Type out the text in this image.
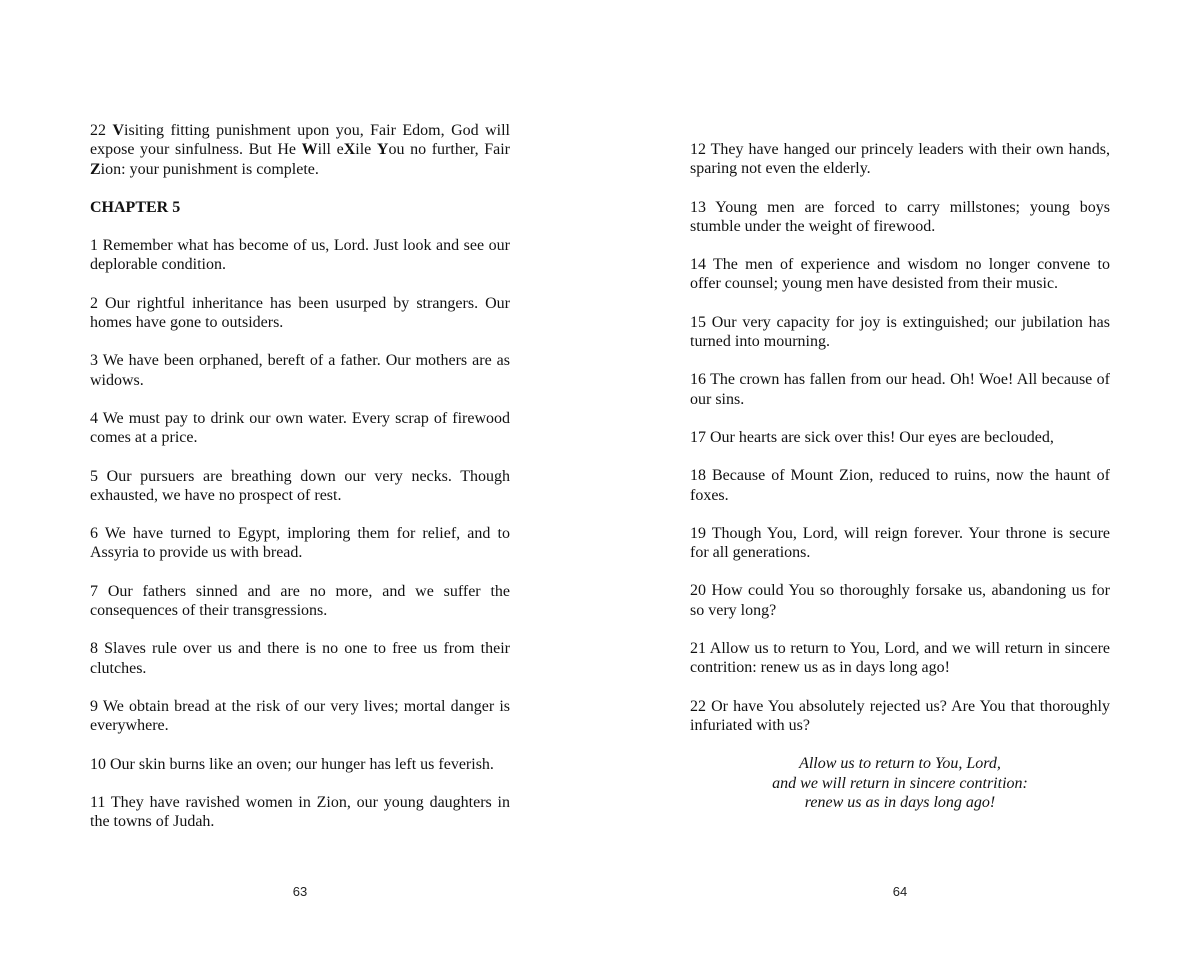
22 Visiting fitting punishment upon you, Fair Edom, God will expose your sinfulness. But He Will eXile You no further, Fair Zion: your punishment is complete.

CHAPTER 5

1 Remember what has become of us, Lord. Just look and see our deplorable condition.

2 Our rightful inheritance has been usurped by strangers. Our homes have gone to outsiders.

3 We have been orphaned, bereft of a father. Our mothers are as widows.

4 We must pay to drink our own water. Every scrap of firewood comes at a price.

5 Our pursuers are breathing down our very necks. Though exhausted, we have no prospect of rest.

6 We have turned to Egypt, imploring them for relief, and to Assyria to provide us with bread.

7 Our fathers sinned and are no more, and we suffer the consequences of their transgressions.

8 Slaves rule over us and there is no one to free us from their clutches.

9 We obtain bread at the risk of our very lives; mortal danger is everywhere.

10 Our skin burns like an oven; our hunger has left us feverish.

11 They have ravished women in Zion, our young daughters in the towns of Judah.

63

12 They have hanged our princely leaders with their own hands, sparing not even the elderly.

13 Young men are forced to carry millstones; young boys stumble under the weight of firewood.

14 The men of experience and wisdom no longer convene to offer counsel; young men have desisted from their music.

15 Our very capacity for joy is extinguished; our jubilation has turned into mourning.

16 The crown has fallen from our head. Oh! Woe! All because of our sins.

17 Our hearts are sick over this! Our eyes are beclouded,

18 Because of Mount Zion, reduced to ruins, now the haunt of foxes.

19 Though You, Lord, will reign forever. Your throne is secure for all generations.

20 How could You so thoroughly forsake us, abandoning us for so very long?

21 Allow us to return to You, Lord, and we will return in sincere contrition: renew us as in days long ago!

22 Or have You absolutely rejected us? Are You that thoroughly infuriated with us?

Allow us to return to You, Lord,
and we will return in sincere contrition:
renew us as in days long ago!
64
